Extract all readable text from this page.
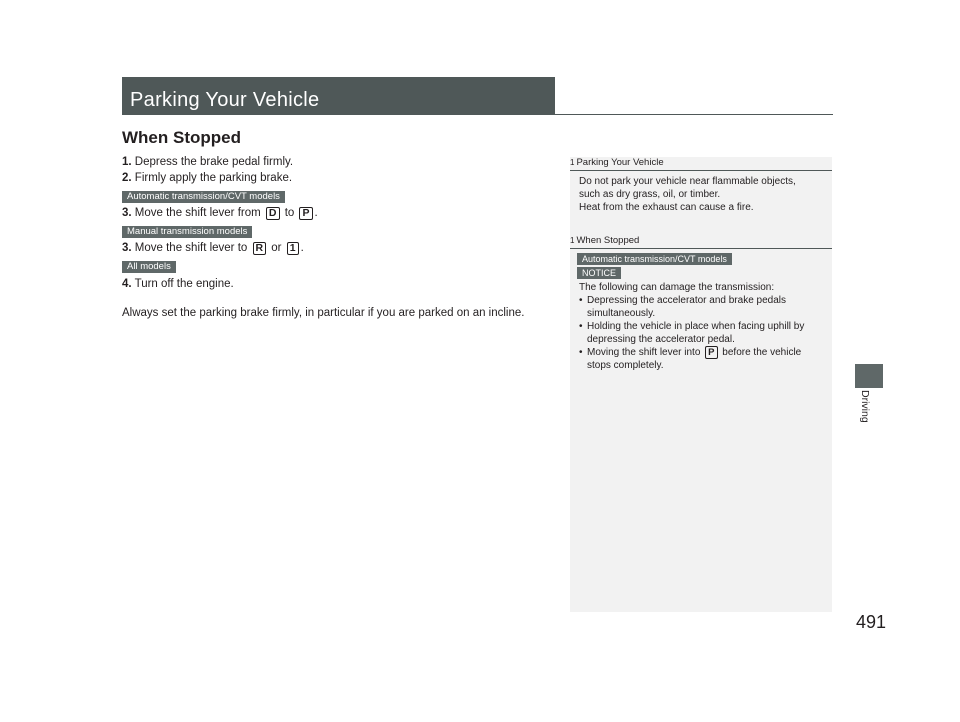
Parking Your Vehicle
When Stopped
1. Depress the brake pedal firmly.
2. Firmly apply the parking brake.
Automatic transmission/CVT models
3. Move the shift lever from D to P .
Manual transmission models
3. Move the shift lever to R or 1 .
All models
4. Turn off the engine.
Always set the parking brake firmly, in particular if you are parked on an incline.
1 Parking Your Vehicle
Do not park your vehicle near flammable objects,
such as dry grass, oil, or timber.
Heat from the exhaust can cause a fire.
1 When Stopped
Automatic transmission/CVT models
NOTICE
The following can damage the transmission:
• Depressing the accelerator and brake pedals
simultaneously.
• Holding the vehicle in place when facing uphill by
depressing the accelerator pedal.
• Moving the shift lever into P before the vehicle
stops completely.
Driving
491
